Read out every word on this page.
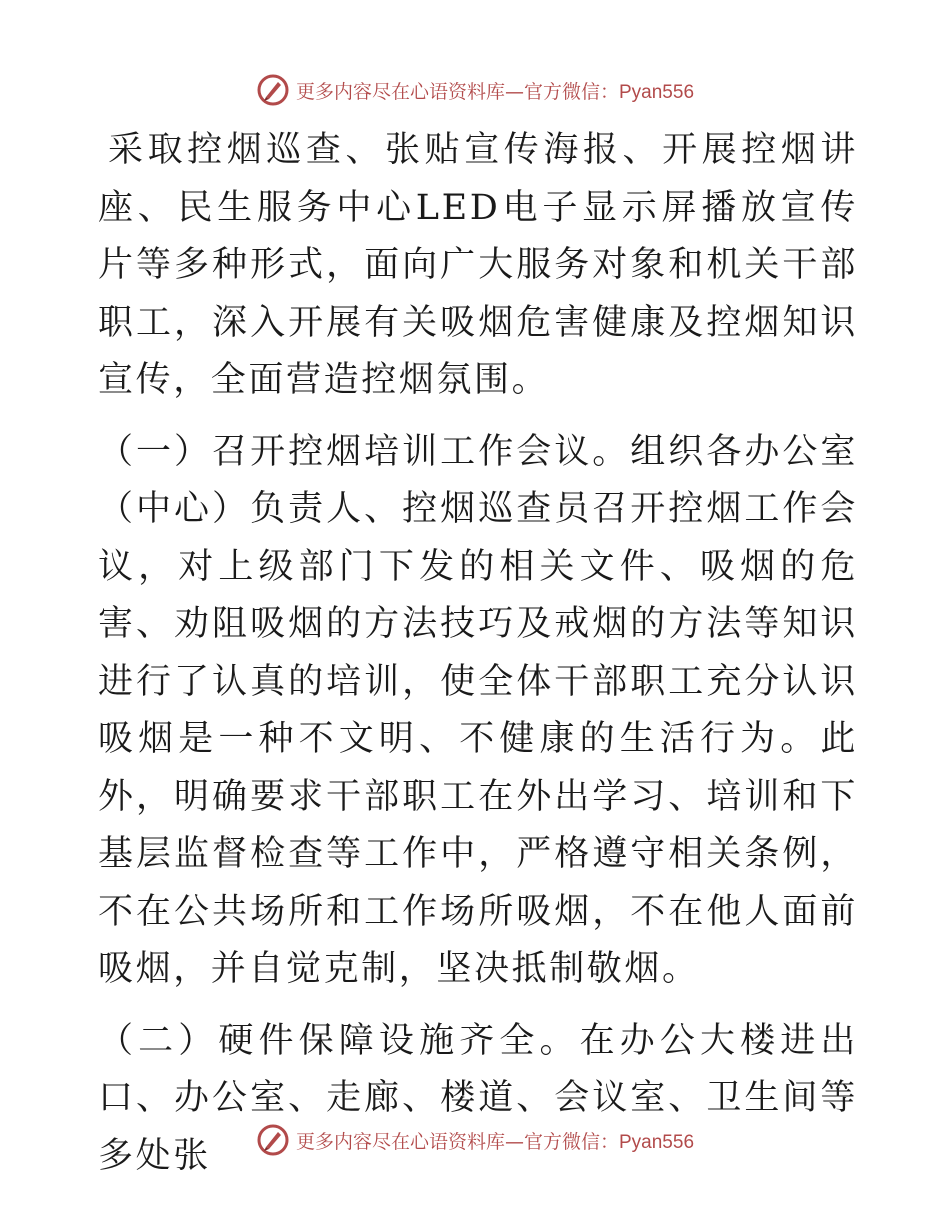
更多内容尽在心语资料库—官方微信：Pyan556

采取控烟巡查、张贴宣传海报、开展控烟讲座、民生服务中心LED电子显示屏播放宣传片等多种形式，面向广大服务对象和机关干部职工，深入开展有关吸烟危害健康及控烟知识宣传，全面营造控烟氛围。

（一）召开控烟培训工作会议。组织各办公室（中心）负责人、控烟巡查员召开控烟工作会议，对上级部门下发的相关文件、吸烟的危害、劝阻吸烟的方法技巧及戒烟的方法等知识进行了认真的培训，使全体干部职工充分认识吸烟是一种不文明、不健康的生活行为。此外，明确要求干部职工在外出学习、培训和下基层监督检查等工作中，严格遵守相关条例，不在公共场所和工作场所吸烟，不在他人面前吸烟，并自觉克制，坚决抵制敬烟。

（二）硬件保障设施齐全。在办公大楼进出口、办公室、走廊、楼道、会议室、卫生间等多处张	更多内容尽在心语资料库—官方微信：Pyan556
